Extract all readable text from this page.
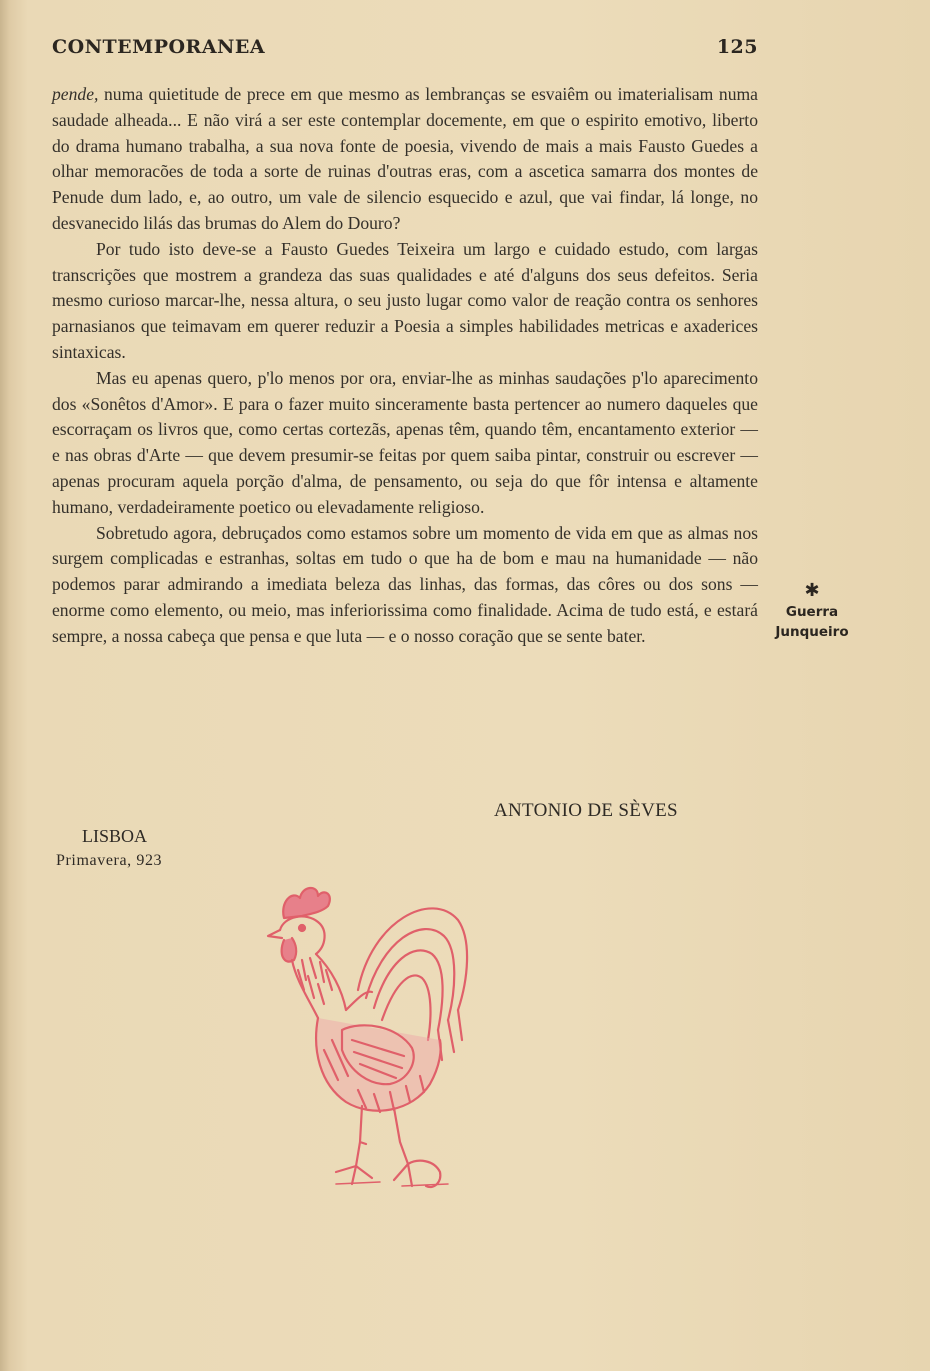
CONTEMPORANEA	125

pende, numa quietitude de prece em que mesmo as lembranças se esvaiêm ou imaterialisam numa saudade alheada... E não virá a ser este contemplar docemente, em que o espirito emotivo, liberto do drama humano trabalha, a sua nova fonte de poesia, vivendo de mais a mais Fausto Guedes a olhar memoracões de toda a sorte de ruinas d'outras eras, com a ascetica samarra dos montes de Penude dum lado, e, ao outro, um vale de silencio esquecido e azul, que vai findar, lá longe, no desvanecido lilás das brumas do Alem do Douro?

Por tudo isto deve-se a Fausto Guedes Teixeira um largo e cuidado estudo, com largas transcrições que mostrem a grandeza das suas qualidades e até d'alguns dos seus defeitos. Seria mesmo curioso marcar-lhe, nessa altura, o seu justo lugar como valor de reação contra os senhores parnasianos que teimavam em querer reduzir a Poesia a simples habilidades metricas e axaderices sintaxicas.

Mas eu apenas quero, p'lo menos por ora, enviar-lhe as minhas saudações p'lo aparecimento dos «Sonêtos d'Amor». E para o fazer muito sinceramente basta pertencer ao numero daqueles que escorraçam os livros que, como certas cortezãs, apenas têm, quando têm, encantamento exterior — e nas obras d'Arte — que devem presumir-se feitas por quem saiba pintar, construir ou escrever — apenas procuram aquela porção d'alma, de pensamento, ou seja do que fôr intensa e altamente humano, verdadeiramente poetico ou elevadamente religioso.

Sobretudo agora, debruçados como estamos sobre um momento de vida em que as almas nos surgem complicadas e estranhas, soltas em tudo o que ha de bom e mau na humanidade — não podemos parar admirando a imediata beleza das linhas, das formas, das côres ou dos sons — enorme como elemento, ou meio, mas inferiorissima como finalidade. Acima de tudo está, e estará sempre, a nossa cabeça que pensa e que luta — e o nosso coração que se sente bater.

ANTONIO DE SÈVES
LISBOA
Primavera, 923
✱
Guerra
Junqueiro
